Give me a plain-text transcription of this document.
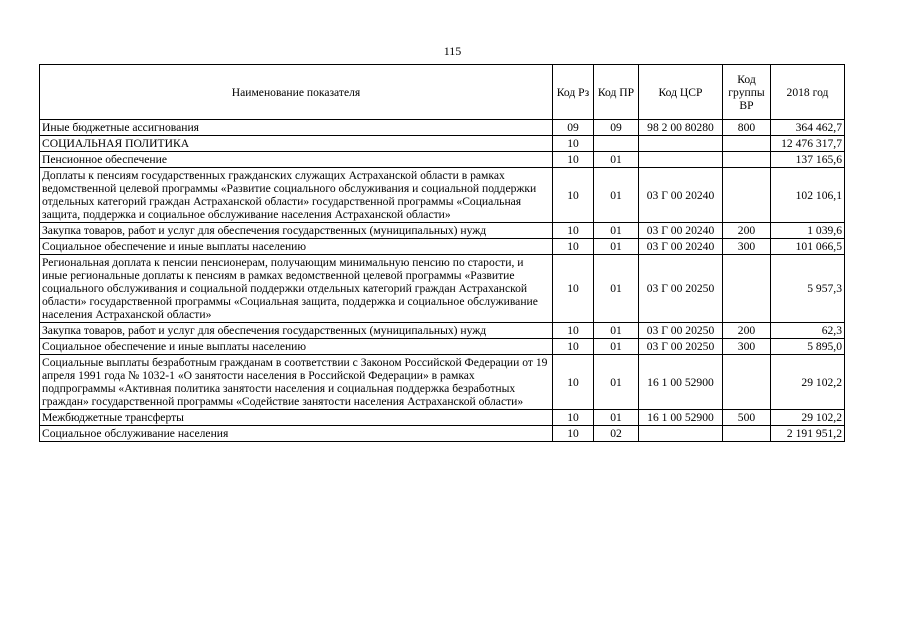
115
Наименование показателя	Код Рз	Код ПР	Код ЦСР	Код группы ВР	2018 год
Иные бюджетные ассигнования	09	09	98 2 00 80280	800	364 462,7
СОЦИАЛЬНАЯ ПОЛИТИКА	10				12 476 317,7
Пенсионное обеспечение	10	01			137 165,6
Доплаты к пенсиям государственных гражданских служащих Астраханской области в рамках ведомственной целевой программы «Развитие социального обслуживания и социальной поддержки отдельных категорий граждан Астраханской области» государственной программы «Социальная защита, поддержка и социальное обслуживание населения Астраханской области»	10	01	03 Г 00 20240		102 106,1
Закупка товаров, работ и услуг для обеспечения государственных (муниципальных) нужд	10	01	03 Г 00 20240	200	1 039,6
Социальное обеспечение и иные выплаты населению	10	01	03 Г 00 20240	300	101 066,5
Региональная доплата к пенсии пенсионерам, получающим минимальную пенсию по старости, и иные региональные доплаты к пенсиям в рамках ведомственной целевой программы «Развитие социального обслуживания и социальной поддержки отдельных категорий граждан Астраханской области» государственной программы «Социальная защита, поддержка и социальное обслуживание населения Астраханской области»	10	01	03 Г 00 20250		5 957,3
Закупка товаров, работ и услуг для обеспечения государственных (муниципальных) нужд	10	01	03 Г 00 20250	200	62,3
Социальное обеспечение и иные выплаты населению	10	01	03 Г 00 20250	300	5 895,0
Социальные выплаты безработным гражданам в соответствии с Законом Российской Федерации от 19 апреля 1991 года № 1032-1 «О занятости населения в Российской Федерации» в рамках подпрограммы «Активная политика занятости населения и социальная поддержка безработных граждан» государственной программы «Содействие занятости населения Астраханской области»	10	01	16 1 00 52900		29 102,2
Межбюджетные трансферты	10	01	16 1 00 52900	500	29 102,2
Социальное обслуживание населения	10	02			2 191 951,2
